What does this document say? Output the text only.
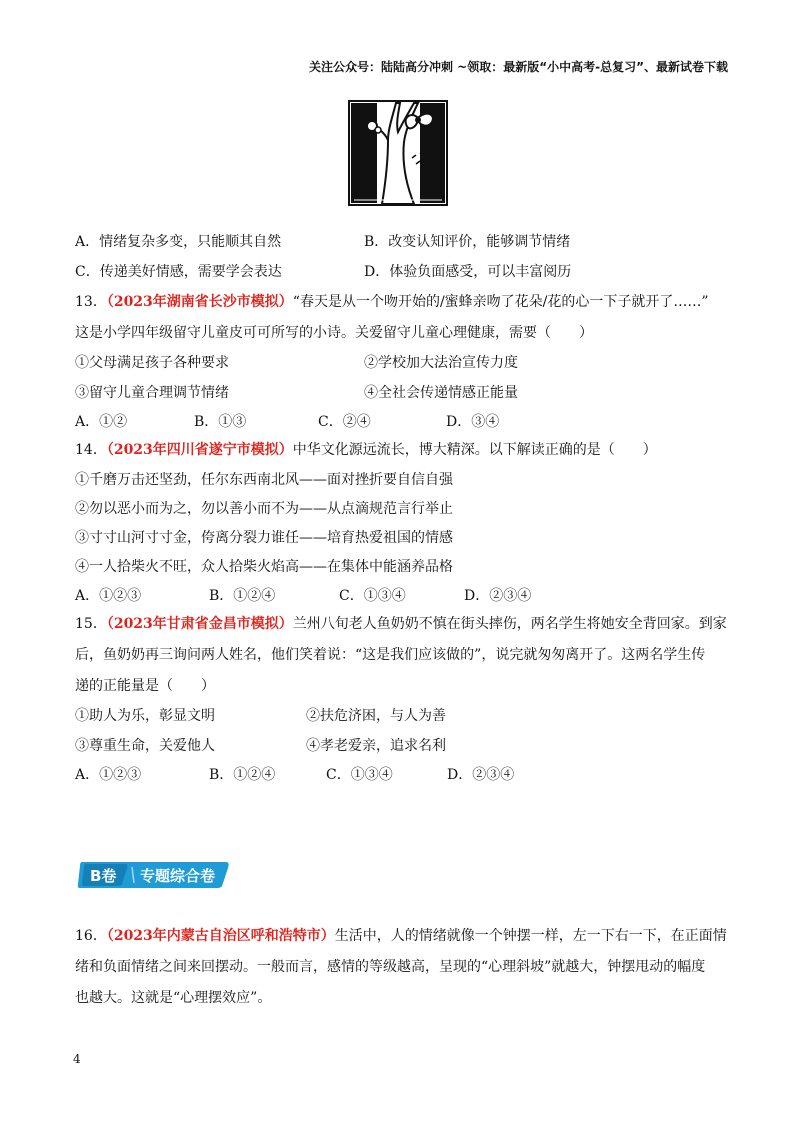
关注公众号：陆陆高分冲刺 ~领取：最新版“小中高考-总复习”、最新试卷下载
A．情绪复杂多变，只能顺其自然	B．改变认知评价，能够调节情绪
C．传递美好情感，需要学会表达	D．体验负面感受，可以丰富阅历
13．（2023年湖南省长沙市模拟）“春天是从一个吻开始的/蜜蜂亲吻了花朵/花的心一下子就开了……”
这是小学四年级留守儿童皮可可所写的小诗。关爱留守儿童心理健康，需要（　　）
①父母满足孩子各种要求	②学校加大法治宣传力度
③留守儿童合理调节情绪	④全社会传递情感正能量
A．①②	B．①③	C．②④	D．③④
14．（2023年四川省遂宁市模拟）中华文化源远流长，博大精深。以下解读正确的是（　　）
①千磨万击还坚劲，任尔东西南北风——面对挫折要自信自强
②勿以恶小而为之，勿以善小而不为——从点滴规范言行举止
③寸寸山河寸寸金，侉离分裂力谁任——培育热爱祖国的情感
④一人拾柴火不旺，众人拾柴火焰高——在集体中能涵养品格
A．①②③	B．①②④	C．①③④	D．②③④
15．（2023年甘肃省金昌市模拟）兰州八旬老人鱼奶奶不慎在街头摔伤，两名学生将她安全背回家。到家
后，鱼奶奶再三询问两人姓名，他们笑着说：“这是我们应该做的”，说完就匆匆离开了。这两名学生传
递的正能量是（　　）
①助人为乐，彰显文明	②扶危济困，与人为善
③尊重生命，关爱他人	④孝老爱亲，追求名利
A．①②③	B．①②④	C．①③④	D．②③④
B卷 专题综合卷
16．（2023年内蒙古自治区呼和浩特市）生活中，人的情绪就像一个钟摆一样，左一下右一下，在正面情
绪和负面情绪之间来回摆动。一般而言，感情的等级越高，呈现的“心理斜坡”就越大，钟摆甩动的幅度
也越大。这就是“心理摆效应”。
4
